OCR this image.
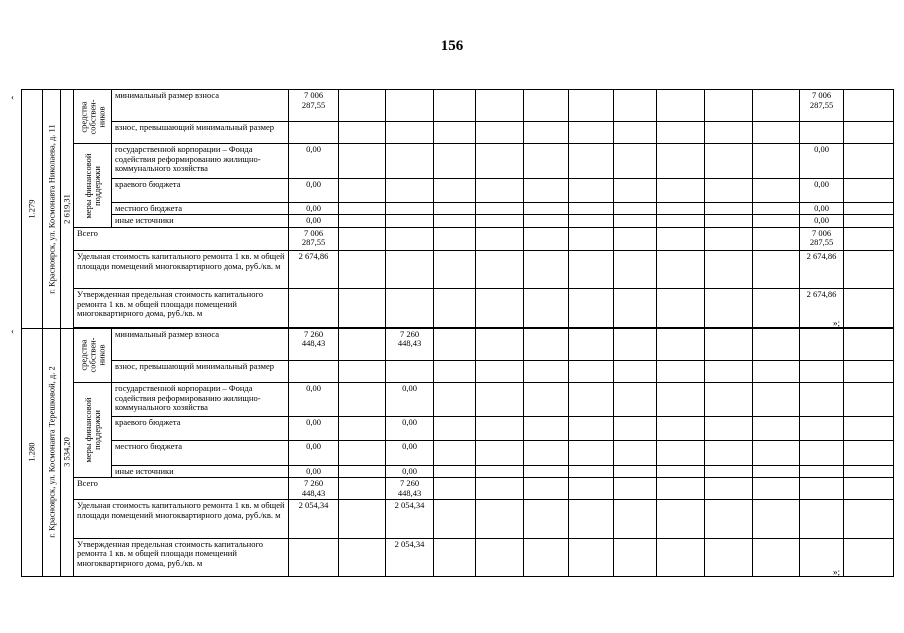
156
‹
‹
»;
»;
1.279	г. Красноярск, ул. Космонавта Николаева, д. 11	2 619,31	средства собствен-ников	минимальный размер взноса	7 006 287,55											7 006 287,55	
				взнос, превышающий минимальный размер													

			меры финансовой поддержки	государственной корпорации – Фонда содействия реформированию жилищно-коммунального хозяйства	0,00											0,00	
				краевого бюджета	0,00											0,00	
				местного бюджета	0,00											0,00	
				иные источники	0,00											0,00	
			Всего		7 006 287,55											7 006 287,55	
			Удельная стоимость капитального ремонта 1 кв. м общей площади помещений многоквартирного дома, руб./кв. м		2 674,86											2 674,86	
			Утвержденная предельная стоимость капитального ремонта 1 кв. м общей площади помещений многоквартирного дома, руб./кв. м													2 674,86	

1.280	г. Красноярск, ул. Космонавта Терешковой, д. 2	3 534,20	средства собствен-ников	минимальный размер взноса	7 260 448,43		7 260 448,43										
				взнос, превышающий минимальный размер													

			меры финансовой поддержки	государственной корпорации – Фонда содействия реформированию жилищно-коммунального хозяйства	0,00		0,00										
				краевого бюджета	0,00		0,00										
				местного бюджета	0,00		0,00										
				иные источники	0,00		0,00										
			Всего		7 260 448,43		7 260 448,43										
			Удельная стоимость капитального ремонта 1 кв. м общей площади помещений многоквартирного дома, руб./кв. м		2 054,34		2 054,34										
			Утвержденная предельная стоимость капитального ремонта 1 кв. м общей площади помещений многоквартирного дома, руб./кв. м				2 054,34										
